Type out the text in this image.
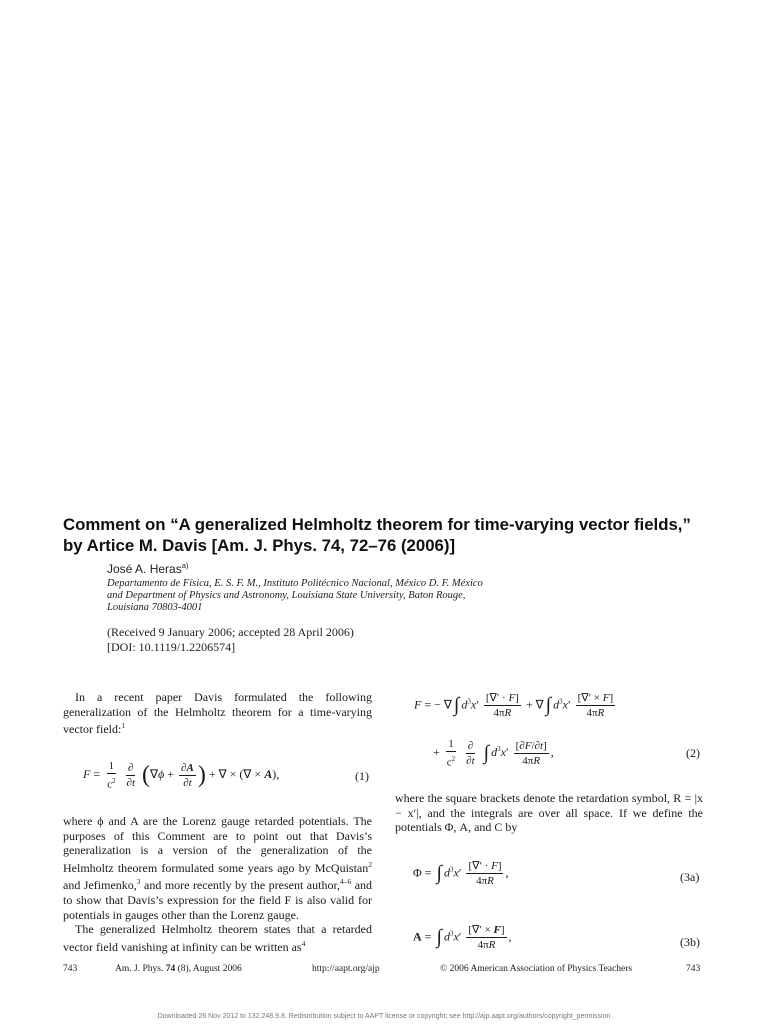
Comment on “A generalized Helmholtz theorem for time-varying vector fields,” by Artice M. Davis [Am. J. Phys. 74, 72–76 (2006)]
José A. Heras$^{a)}$
Departamento de Física, E. S. F. M., Instituto Politécnico Nacional, México D. F. México
and Department of Physics and Astronomy, Louisiana State University, Baton Rouge,
Louisiana 70803-4001
(Received 9 January 2006; accepted 28 April 2006)
[DOI: 10.1119/1.2206574]

In a recent paper Davis formulated the following generalization of the Helmholtz theorem for a time-varying vector field:$^1$

$F = \frac{1}{c^2}$
$\frac{\partial}{\partial t} (\nabla\phi + \frac{\partial A}{\partial t}$ ) + ∇ × (∇ × A),	(1)

where ϕ and A are the Lorenz gauge retarded potentials. The purposes of this Comment are to point out that Davis’s generalization is a version of the generalization of the Helmholtz theorem formulated some years ago by McQuistan$^2$ and Jefimenko,$^3$ and more recently by the present author,$^{4-6}$ and to show that Davis’s expression for the field F is also valid for potentials in gauges other than the Lorenz gauge.

The generalized Helmholtz theorem states that a retarded vector field vanishing at infinity can be written $as^4$

F = − ∇ ∫ $d^3x' \frac{[\nabla' \cdot F]}{4\pi R}$ + ∇ ∫ $d^3x' \frac{[\nabla' \times F]}{4\pi R}$
+ $\frac{1}{c^2}$
$\frac{\partial}{\partial t}$ ∫ $d^3x' \frac{[\partial F/\partial t]}{4\pi R}$ ,	(2)

where the square brackets denote the retardation symbol, R = |x − x′|, and the integrals are over all space. If we define the potentials Φ, A, and C by

Φ = ∫ $d^3x' \frac{[\nabla' \cdot F]}{4\pi R}$ ,	(3a)
A = ∫ $d^3x' \frac{[\nabla' \times F]}{4\pi R}$ ,	(3b)
743	Am. J. Phys. 74 (8), August 2006	http://aapt.org/ajp	© 2006 American Association of Physics Teachers	743
Downloaded 26 Nov 2012 to 132.248.9.8. Redistribution subject to AAPT license or copyright; see http://ajp.aapt.org/authors/copyright_permission
